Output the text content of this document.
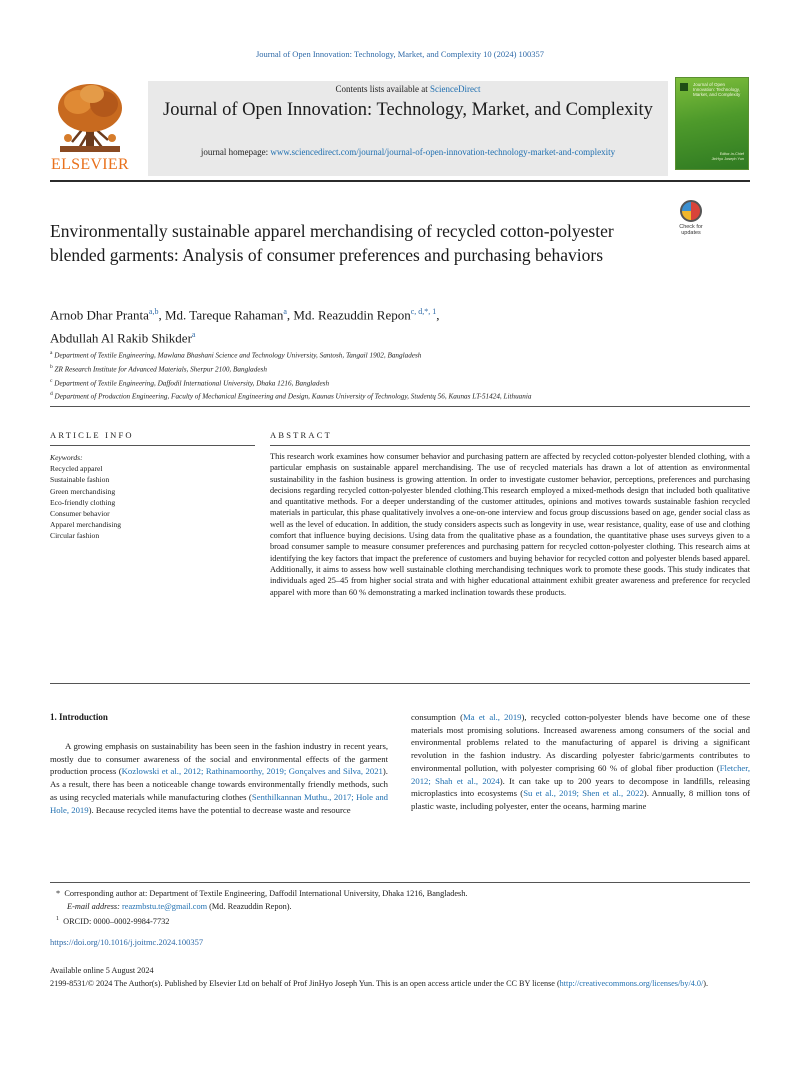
Journal of Open Innovation: Technology, Market, and Complexity 10 (2024) 100357
ELSEVIER
Contents lists available at ScienceDirect
Journal of Open Innovation: Technology, Market, and Complexity
journal homepage: www.sciencedirect.com/journal/journal-of-open-innovation-technology-market-and-complexity
Journal of Open Innovation: Technology, Market, and Complexity
Editor-in-Chief
JinHyo Joseph Yun
Environmentally sustainable apparel merchandising of recycled cotton-polyester blended garments: Analysis of consumer preferences and purchasing behaviors
Check for updates
Arnob Dhar Pranta$^{a,b}$, Md. Tareque Rahaman$^a$, Md. Reazuddin Repon$^{c, d,*, 1}$,
Abdullah Al Rakib Shikder$^a$
$^a$ Department of Textile Engineering, Mawlana Bhashani Science and Technology University, Santosh, Tangail 1902, Bangladesh
$^b$ ZR Research Institute for Advanced Materials, Sherpur 2100, Bangladesh
$^c$ Department of Textile Engineering, Daffodil International University, Dhaka 1216, Bangladesh
$^d$ Department of Production Engineering, Faculty of Mechanical Engineering and Design, Kaunas University of Technology, Studentų 56, Kaunas LT-51424, Lithuania
ARTICLE INFO	ABSTRACT
Keywords:
Recycled apparel
Sustainable fashion
Green merchandising
Eco-friendly clothing
Consumer behavior
Apparel merchandising
Circular fashion
This research work examines how consumer behavior and purchasing pattern are affected by recycled cotton-polyester blended clothing, with a particular emphasis on sustainable apparel merchandising. The use of recycled materials has drawn a lot of attention as environmental sustainability in the fashion business is growing attention. In order to investigate customer behavior, perceptions, preferences and purchasing decisions regarding recycled cotton-polyester blended clothing.This research employed a mixed-methods design that included both qualitative and quantitative methods. For a deeper understanding of the customer attitudes, opinions and motives towards sustainable fashion recycled materials in particular, this phase qualitatively involves a one-on-one interview and focus group discussions based on age, gender social class as well as the level of education. In addition, the study considers aspects such as longevity in use, wear resistance, quality, ease of use and clothing comfort that influence buying decisions. Using data from the qualitative phase as a foundation, the quantitative phase uses surveys given to a broad consumer sample to measure consumer preferences and purchasing pattern for recycled cotton-polyester clothing. This research aims at identifying the key factors that impact the preference of customers and buying behavior for recycled cotton and polyester blends based apparel. Additionally, it aims to assess how well sustainable clothing merchandising techniques work to promote these goods. This study indicates that individuals aged 25–45 from higher social strata and with higher educational attainment exhibit greater awareness and preference for recycled apparel with more than 60 % demonstrating a marked inclination towards these products.
1. Introduction

A growing emphasis on sustainability has been seen in the fashion industry in recent years, mostly due to consumer awareness of the social and environmental effects of the garment production process (Kozlowski et al., 2012; Rathinamoorthy, 2019; Gonçalves and Silva, 2021). As a result, there has been a noticeable change towards environmentally friendly methods, such as using recycled materials while manufacturing clothes (Senthilkannan Muthu., 2017; Hole and Hole, 2019). Because recycled items have the potential to decrease waste and resource

consumption (Ma et al., 2019), recycled cotton-polyester blends have become one of these materials most promising solutions. Increased awareness among consumers of the social and environmental problems related to the manufacturing of apparel is driving a significant revolution in the fashion industry. As discarding polyester fabric/garments contributes to environmental pollution, with polyester comprising 60 % of global fiber production (Fletcher, 2012; Shah et al., 2024). It can take up to 200 years to decompose in landfills, releasing microplastics into ecosystems (Su et al., 2019; Shen et al., 2022). Annually, 8 million tons of plastic waste, including polyester, enter the oceans, harming marine

* Corresponding author at: Department of Textile Engineering, Daffodil International University, Dhaka 1216, Bangladesh.
E-mail address: reazmbstu.te@gmail.com (Md. Reazuddin Repon).
$^1$ ORCID: 0000–0002-9984-7732
https://doi.org/10.1016/j.joitmc.2024.100357
Available online 5 August 2024
2199-8531/© 2024 The Author(s). Published by Elsevier Ltd on behalf of Prof JinHyo Joseph Yun. This is an open access article under the CC BY license (http://creativecommons.org/licenses/by/4.0/).
